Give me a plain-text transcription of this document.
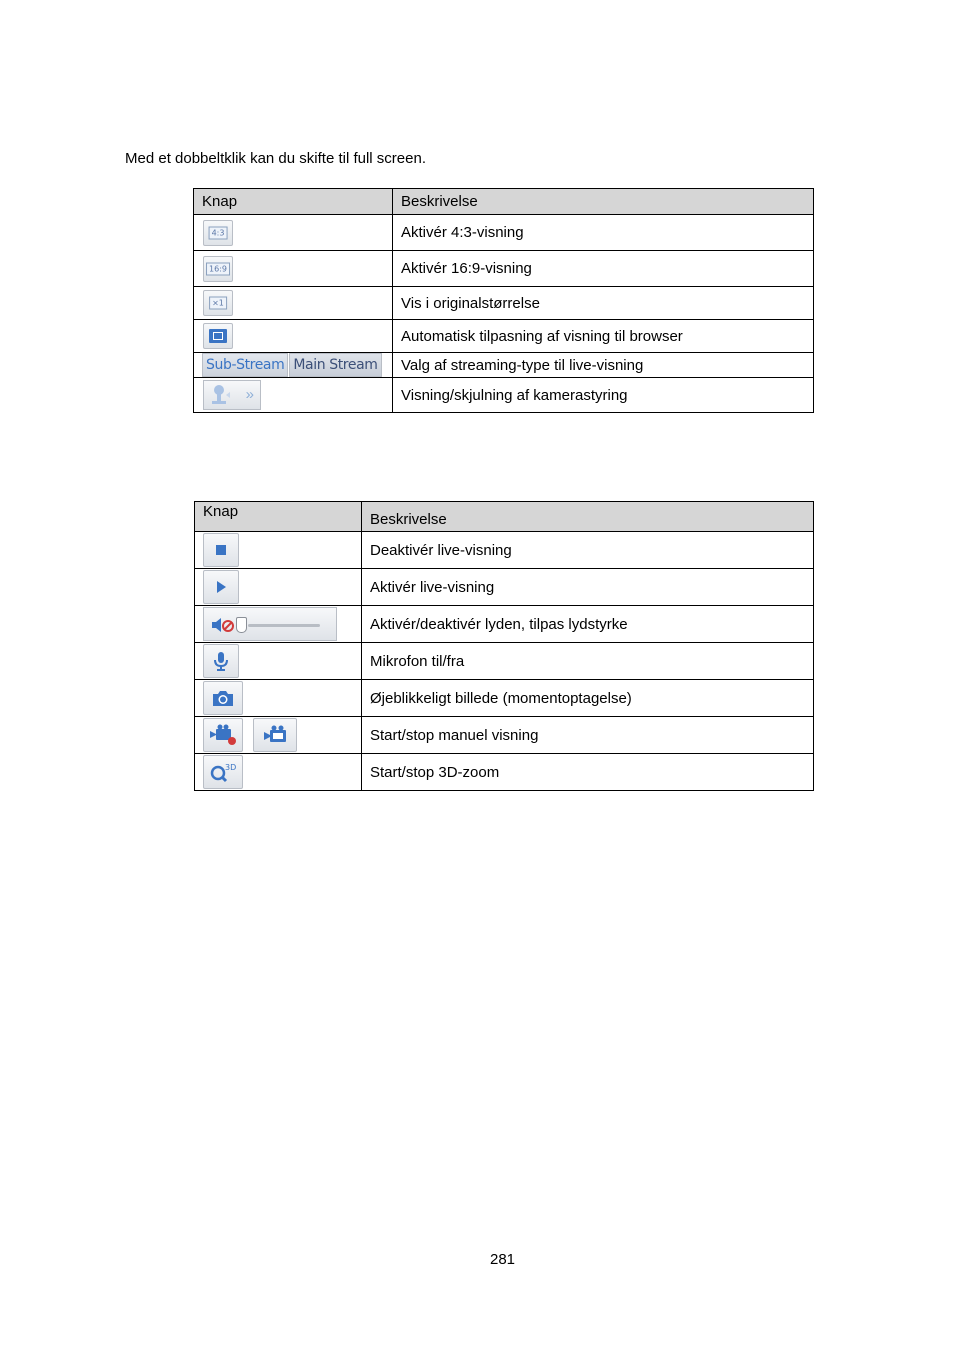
Med et dobbeltklik kan du skifte til full screen.
Knap	Beskrivelse

4:3	Aktivér 4:3-visning

16:9	Aktivér 16:9-visning

×1	Vis i originalstørrelse

	Automatisk tilpasning af visning til browser
Sub-Stream Main Stream	Valg af streaming-type til live-visning

»	Visning/skjulning af kamerastyring
Knap	Beskrivelse

	Deaktivér live-visning

	Aktivér live-visning

	Aktivér/deaktivér lyden, tilpas lydstyrke

	Mikrofon til/fra

	Øjeblikkeligt billede (momentoptagelse)

	Start/stop manuel visning

3D	Start/stop 3D-zoom
281
